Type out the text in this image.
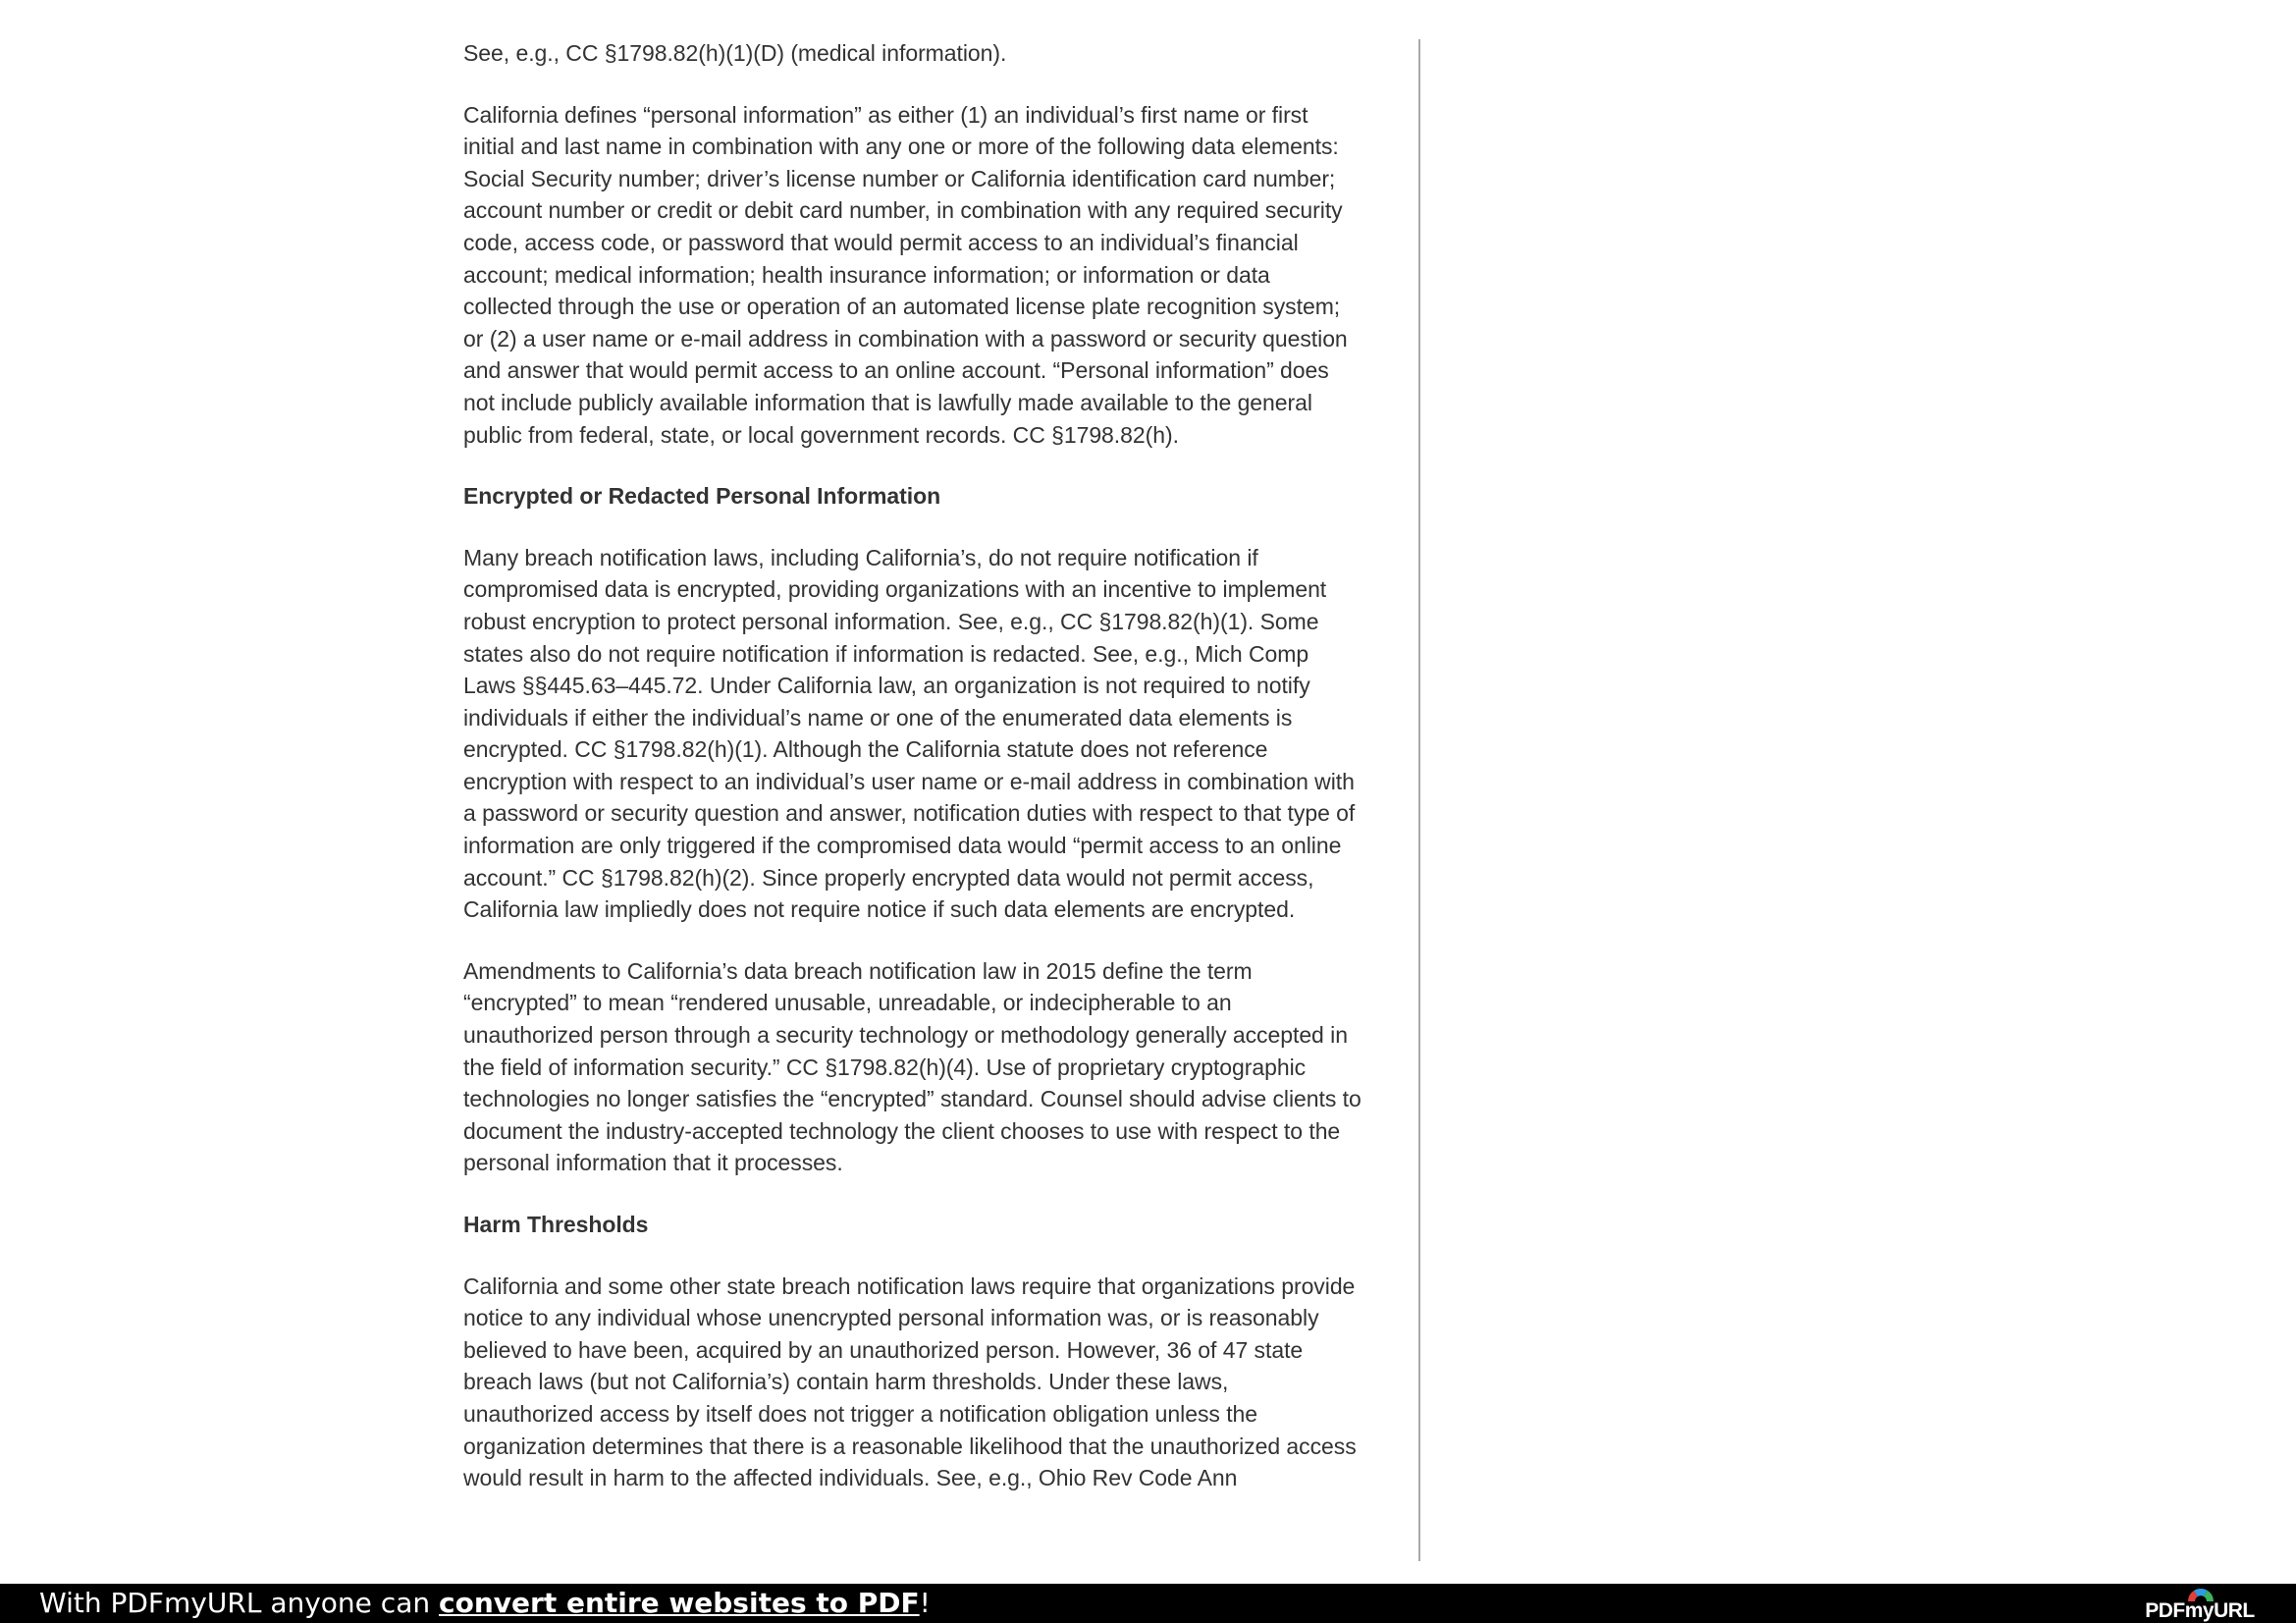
See, e.g., CC §1798.82(h)(1)(D) (medical information).

California defines “personal information” as either (1) an individual’s first name or first initial and last name in combination with any one or more of the following data elements: Social Security number; driver’s license number or California identification card number; account number or credit or debit card number, in combination with any required security code, access code, or password that would permit access to an individual’s financial account; medical information; health insurance information; or information or data collected through the use or operation of an automated license plate recognition system; or (2) a user name or e-mail address in combination with a password or security question and answer that would permit access to an online account. “Personal information” does not include publicly available information that is lawfully made available to the general public from federal, state, or local government records. CC §1798.82(h).

Encrypted or Redacted Personal Information

Many breach notification laws, including California’s, do not require notification if compromised data is encrypted, providing organizations with an incentive to implement robust encryption to protect personal information. See, e.g., CC §1798.82(h)(1). Some states also do not require notification if information is redacted. See, e.g., Mich Comp Laws §§445.63–445.72. Under California law, an organization is not required to notify individuals if either the individual’s name or one of the enumerated data elements is encrypted. CC §1798.82(h)(1). Although the California statute does not reference encryption with respect to an individual’s user name or e-mail address in combination with a password or security question and answer, notification duties with respect to that type of information are only triggered if the compromised data would “permit access to an online account.” CC §1798.82(h)(2). Since properly encrypted data would not permit access, California law impliedly does not require notice if such data elements are encrypted.

Amendments to California’s data breach notification law in 2015 define the term “encrypted” to mean “rendered unusable, unreadable, or indecipherable to an unauthorized person through a security technology or methodology generally accepted in the field of information security.” CC §1798.82(h)(4). Use of proprietary cryptographic technologies no longer satisfies the “encrypted” standard. Counsel should advise clients to document the industry-accepted technology the client chooses to use with respect to the personal information that it processes.

Harm Thresholds

California and some other state breach notification laws require that organizations provide notice to any individual whose unencrypted personal information was, or is reasonably believed to have been, acquired by an unauthorized person. However, 36 of 47 state breach laws (but not California’s) contain harm thresholds. Under these laws, unauthorized access by itself does not trigger a notification obligation unless the organization determines that there is a reasonable likelihood that the unauthorized access would result in harm to the affected individuals. See, e.g., Ohio Rev Code Ann

With PDFmyURL anyone can convert entire websites to PDF!	PDFmyURL
